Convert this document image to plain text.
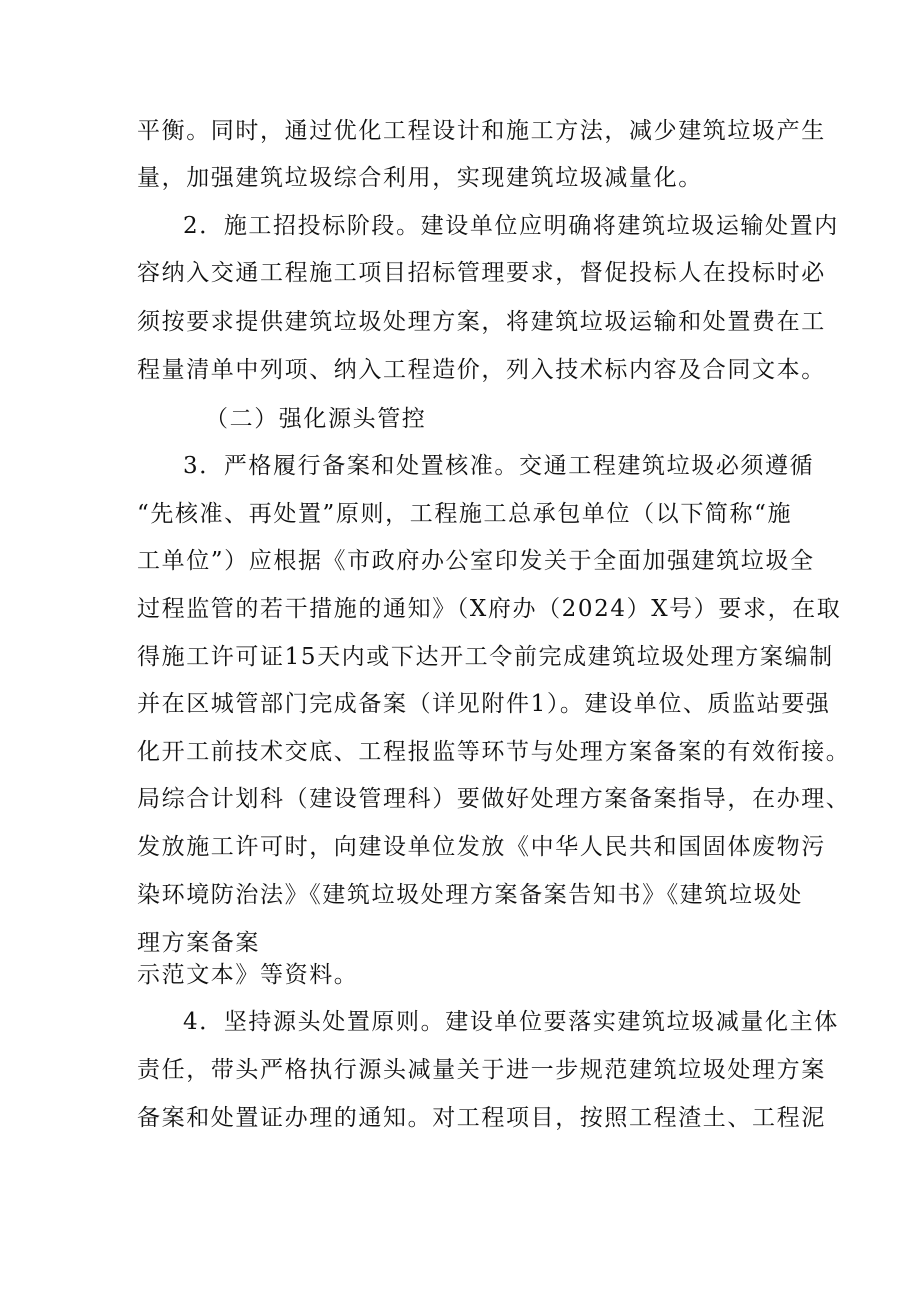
平衡。同时，通过优化工程设计和施工方法，减少建筑垃圾产生

量，加强建筑垃圾综合利用，实现建筑垃圾减量化。

2．施工招投标阶段。建设单位应明确将建筑垃圾运输处置内

容纳入交通工程施工项目招标管理要求，督促投标人在投标时必

须按要求提供建筑垃圾处理方案，将建筑垃圾运输和处置费在工

程量清单中列项、纳入工程造价，列入技术标内容及合同文本。

（二）强化源头管控

3．严格履行备案和处置核准。交通工程建筑垃圾必须遵循

“先核准、再处置”原则，工程施工总承包单位（以下简称“施

工单位”）应根据《市政府办公室印发关于全面加强建筑垃圾全

过程监管的若干措施的通知》（X府办（2024）X号）要求，在取

得施工许可证15天内或下达开工令前完成建筑垃圾处理方案编制

并在区城管部门完成备案（详见附件1）。建设单位、质监站要强

化开工前技术交底、工程报监等环节与处理方案备案的有效衔接。

局综合计划科（建设管理科）要做好处理方案备案指导，在办理、

发放施工许可时，向建设单位发放《中华人民共和国固体废物污

染环境防治法》《建筑垃圾处理方案备案告知书》《建筑垃圾处

理方案备案

示范文本》等资料。

4．坚持源头处置原则。建设单位要落实建筑垃圾减量化主体

责任，带头严格执行源头减量关于进一步规范建筑垃圾处理方案

备案和处置证办理的通知。对工程项目，按照工程渣土、工程泥
